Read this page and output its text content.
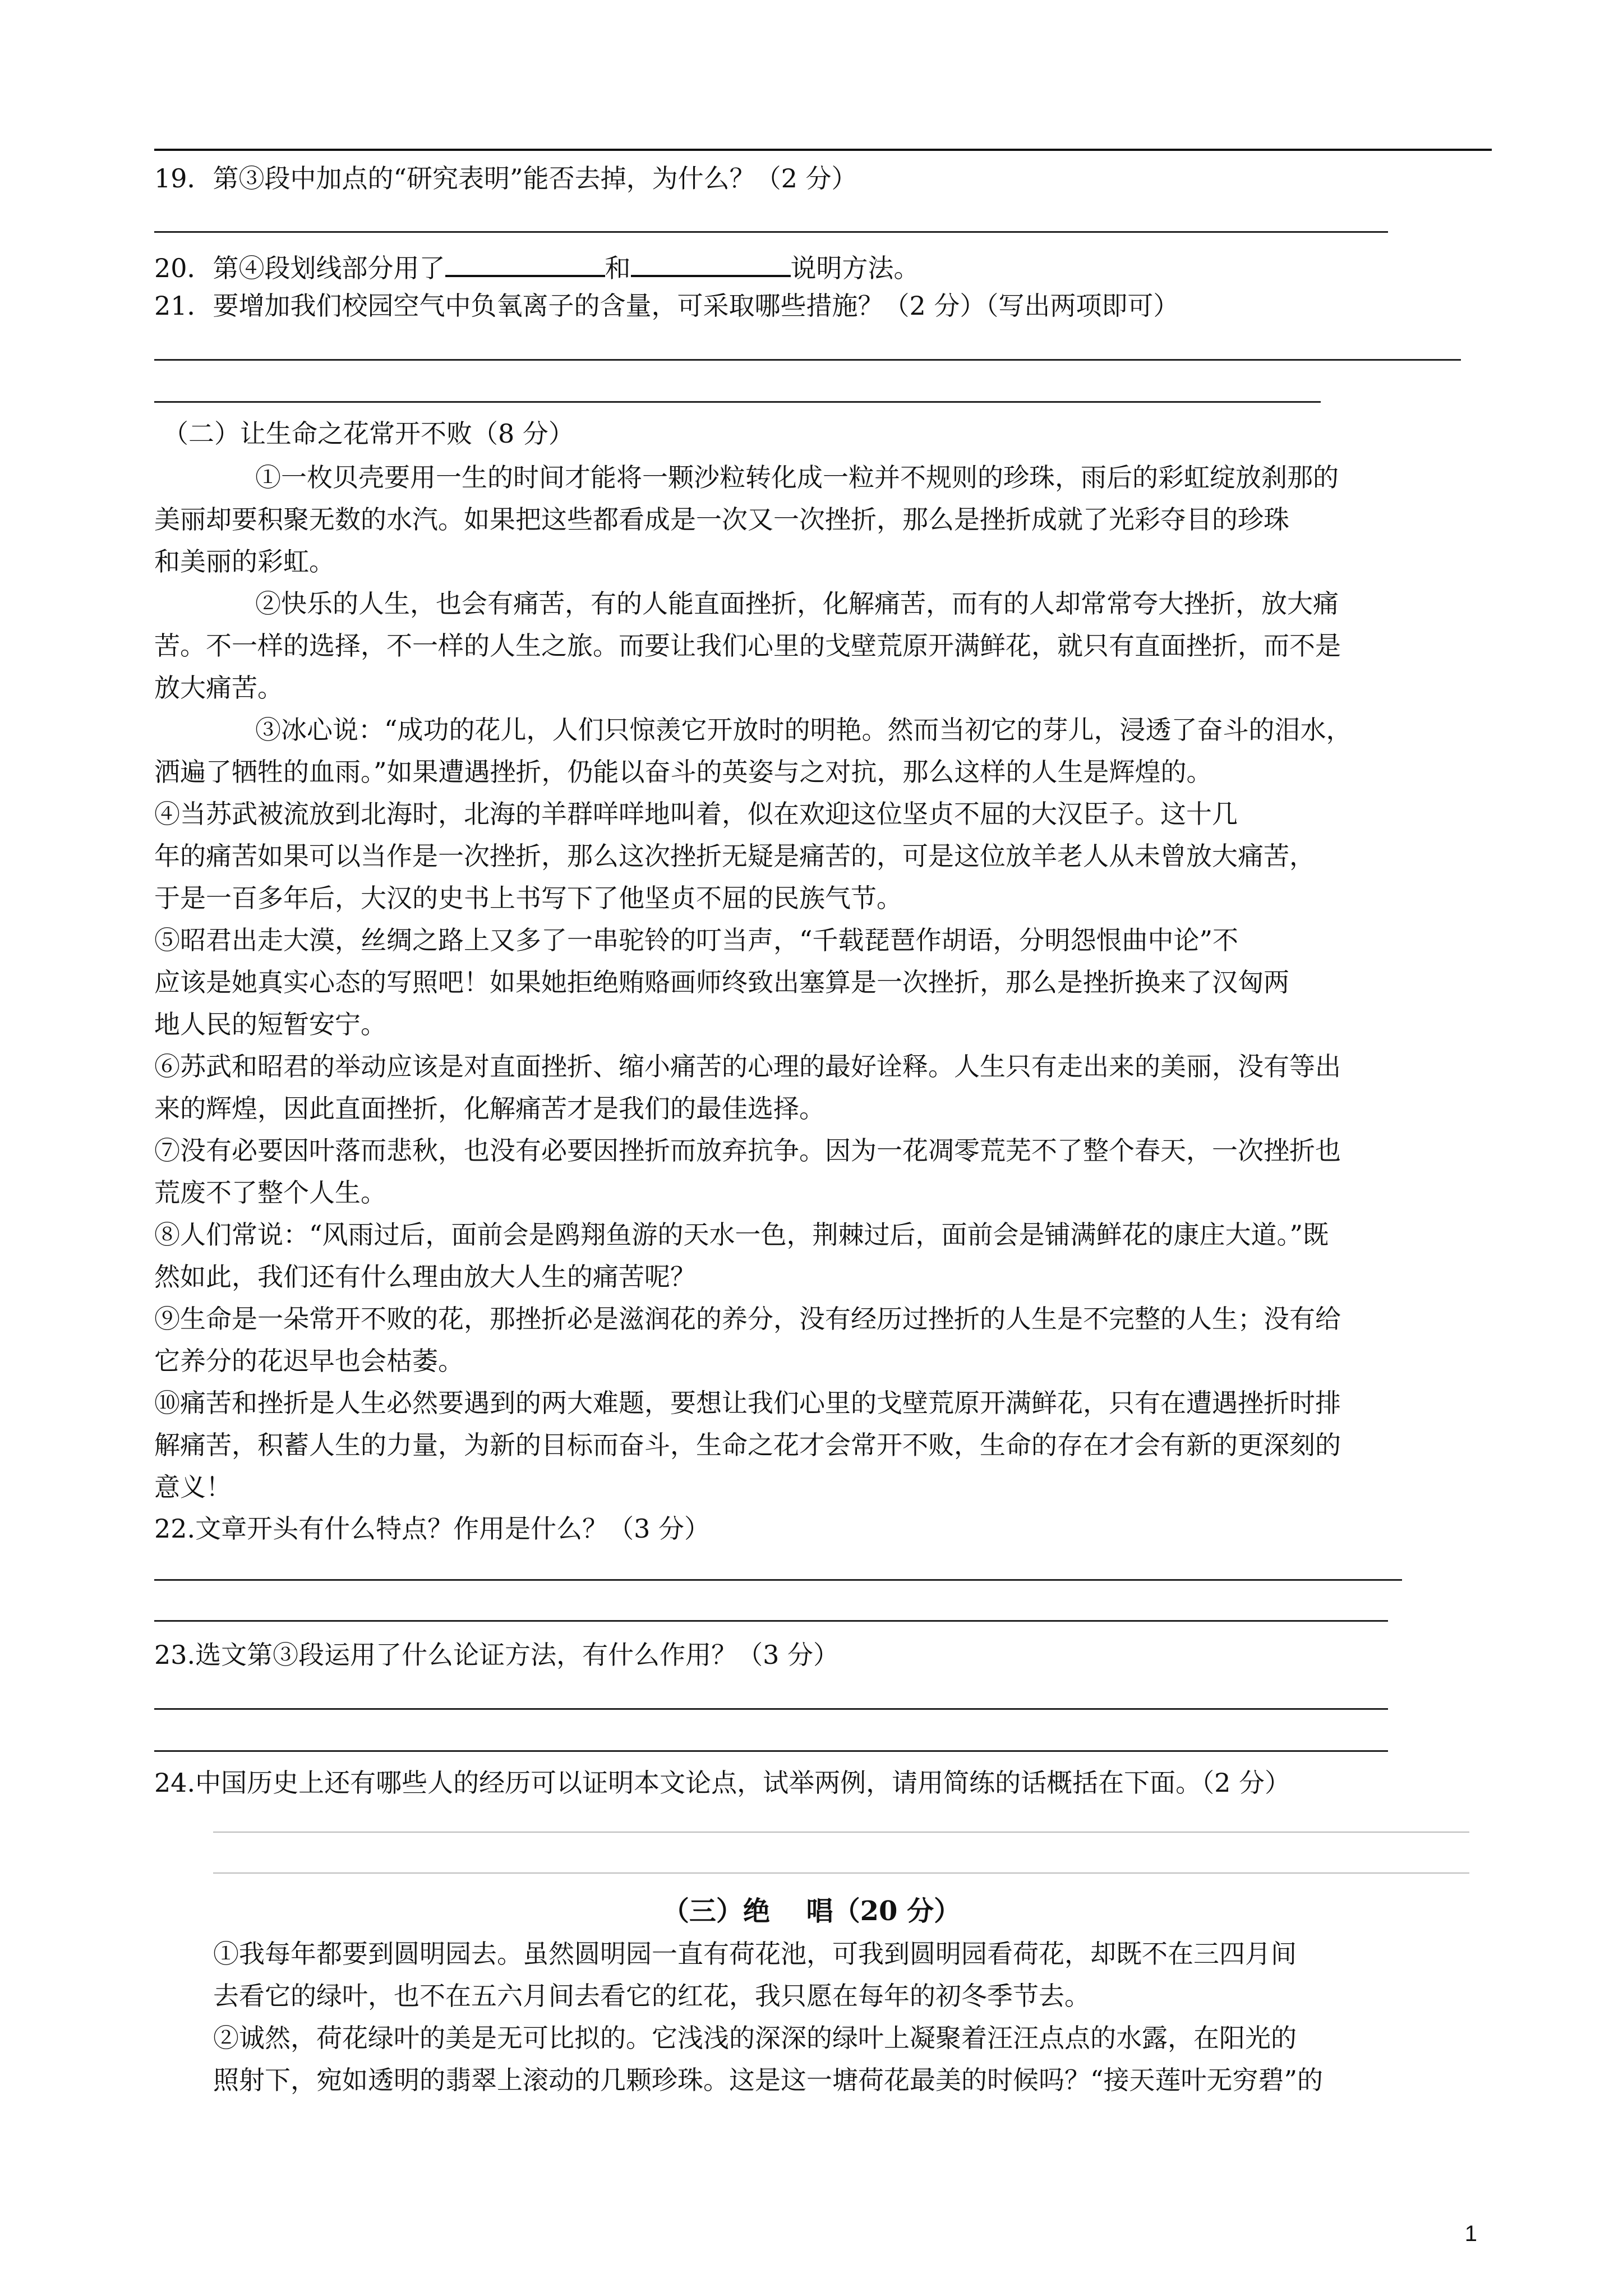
19．第③段中加点的“研究表明”能否去掉，为什么？（2 分）
20．第④段划线部分用了	和	说明方法。
21．要增加我们校园空气中负氧离子的含量，可采取哪些措施？（2 分）（写出两项即可）
（二）让生命之花常开不败（8 分）
①一枚贝壳要用一生的时间才能将一颗沙粒转化成一粒并不规则的珍珠，雨后的彩虹绽放刹那的
美丽却要积聚无数的水汽。如果把这些都看成是一次又一次挫折，那么是挫折成就了光彩夺目的珍珠
和美丽的彩虹。
②快乐的人生，也会有痛苦，有的人能直面挫折，化解痛苦，而有的人却常常夸大挫折，放大痛
苦。不一样的选择，不一样的人生之旅。而要让我们心里的戈壁荒原开满鲜花，就只有直面挫折，而不是
放大痛苦。
③冰心说：“成功的花儿，人们只惊羡它开放时的明艳。然而当初它的芽儿，浸透了奋斗的泪水，
洒遍了牺牲的血雨。”如果遭遇挫折，仍能以奋斗的英姿与之对抗，那么这样的人生是辉煌的。
④当苏武被流放到北海时，北海的羊群咩咩地叫着，似在欢迎这位坚贞不屈的大汉臣子。这十几
年的痛苦如果可以当作是一次挫折，那么这次挫折无疑是痛苦的，可是这位放羊老人从未曾放大痛苦，
于是一百多年后，大汉的史书上书写下了他坚贞不屈的民族气节。
⑤昭君出走大漠，丝绸之路上又多了一串驼铃的叮当声，“千载琵琶作胡语，分明怨恨曲中论”不
应该是她真实心态的写照吧！如果她拒绝贿赂画师终致出塞算是一次挫折，那么是挫折换来了汉匈两
地人民的短暂安宁。
⑥苏武和昭君的举动应该是对直面挫折、缩小痛苦的心理的最好诠释。人生只有走出来的美丽，没有等出
来的辉煌，因此直面挫折，化解痛苦才是我们的最佳选择。
⑦没有必要因叶落而悲秋，也没有必要因挫折而放弃抗争。因为一花凋零荒芜不了整个春天，一次挫折也
荒废不了整个人生。
⑧人们常说：“风雨过后，面前会是鸥翔鱼游的天水一色，荆棘过后，面前会是铺满鲜花的康庄大道。”既
然如此，我们还有什么理由放大人生的痛苦呢？
⑨生命是一朵常开不败的花，那挫折必是滋润花的养分，没有经历过挫折的人生是不完整的人生；没有给
它养分的花迟早也会枯萎。
⑩痛苦和挫折是人生必然要遇到的两大难题，要想让我们心里的戈壁荒原开满鲜花，只有在遭遇挫折时排
解痛苦，积蓄人生的力量，为新的目标而奋斗，生命之花才会常开不败，生命的存在才会有新的更深刻的
意义！
22.文章开头有什么特点？作用是什么？（3 分）
23.选文第③段运用了什么论证方法，有什么作用？（3 分）
24.中国历史上还有哪些人的经历可以证明本文论点，试举两例，请用简练的话概括在下面。（2 分）
（三）绝　 唱（20 分）
①我每年都要到圆明园去。虽然圆明园一直有荷花池，可我到圆明园看荷花，却既不在三四月间
去看它的绿叶，也不在五六月间去看它的红花，我只愿在每年的初冬季节去。
②诚然，荷花绿叶的美是无可比拟的。它浅浅的深深的绿叶上凝聚着汪汪点点的水露，在阳光的
照射下，宛如透明的翡翠上滚动的几颗珍珠。这是这一塘荷花最美的时候吗？“接天莲叶无穷碧”的
1
